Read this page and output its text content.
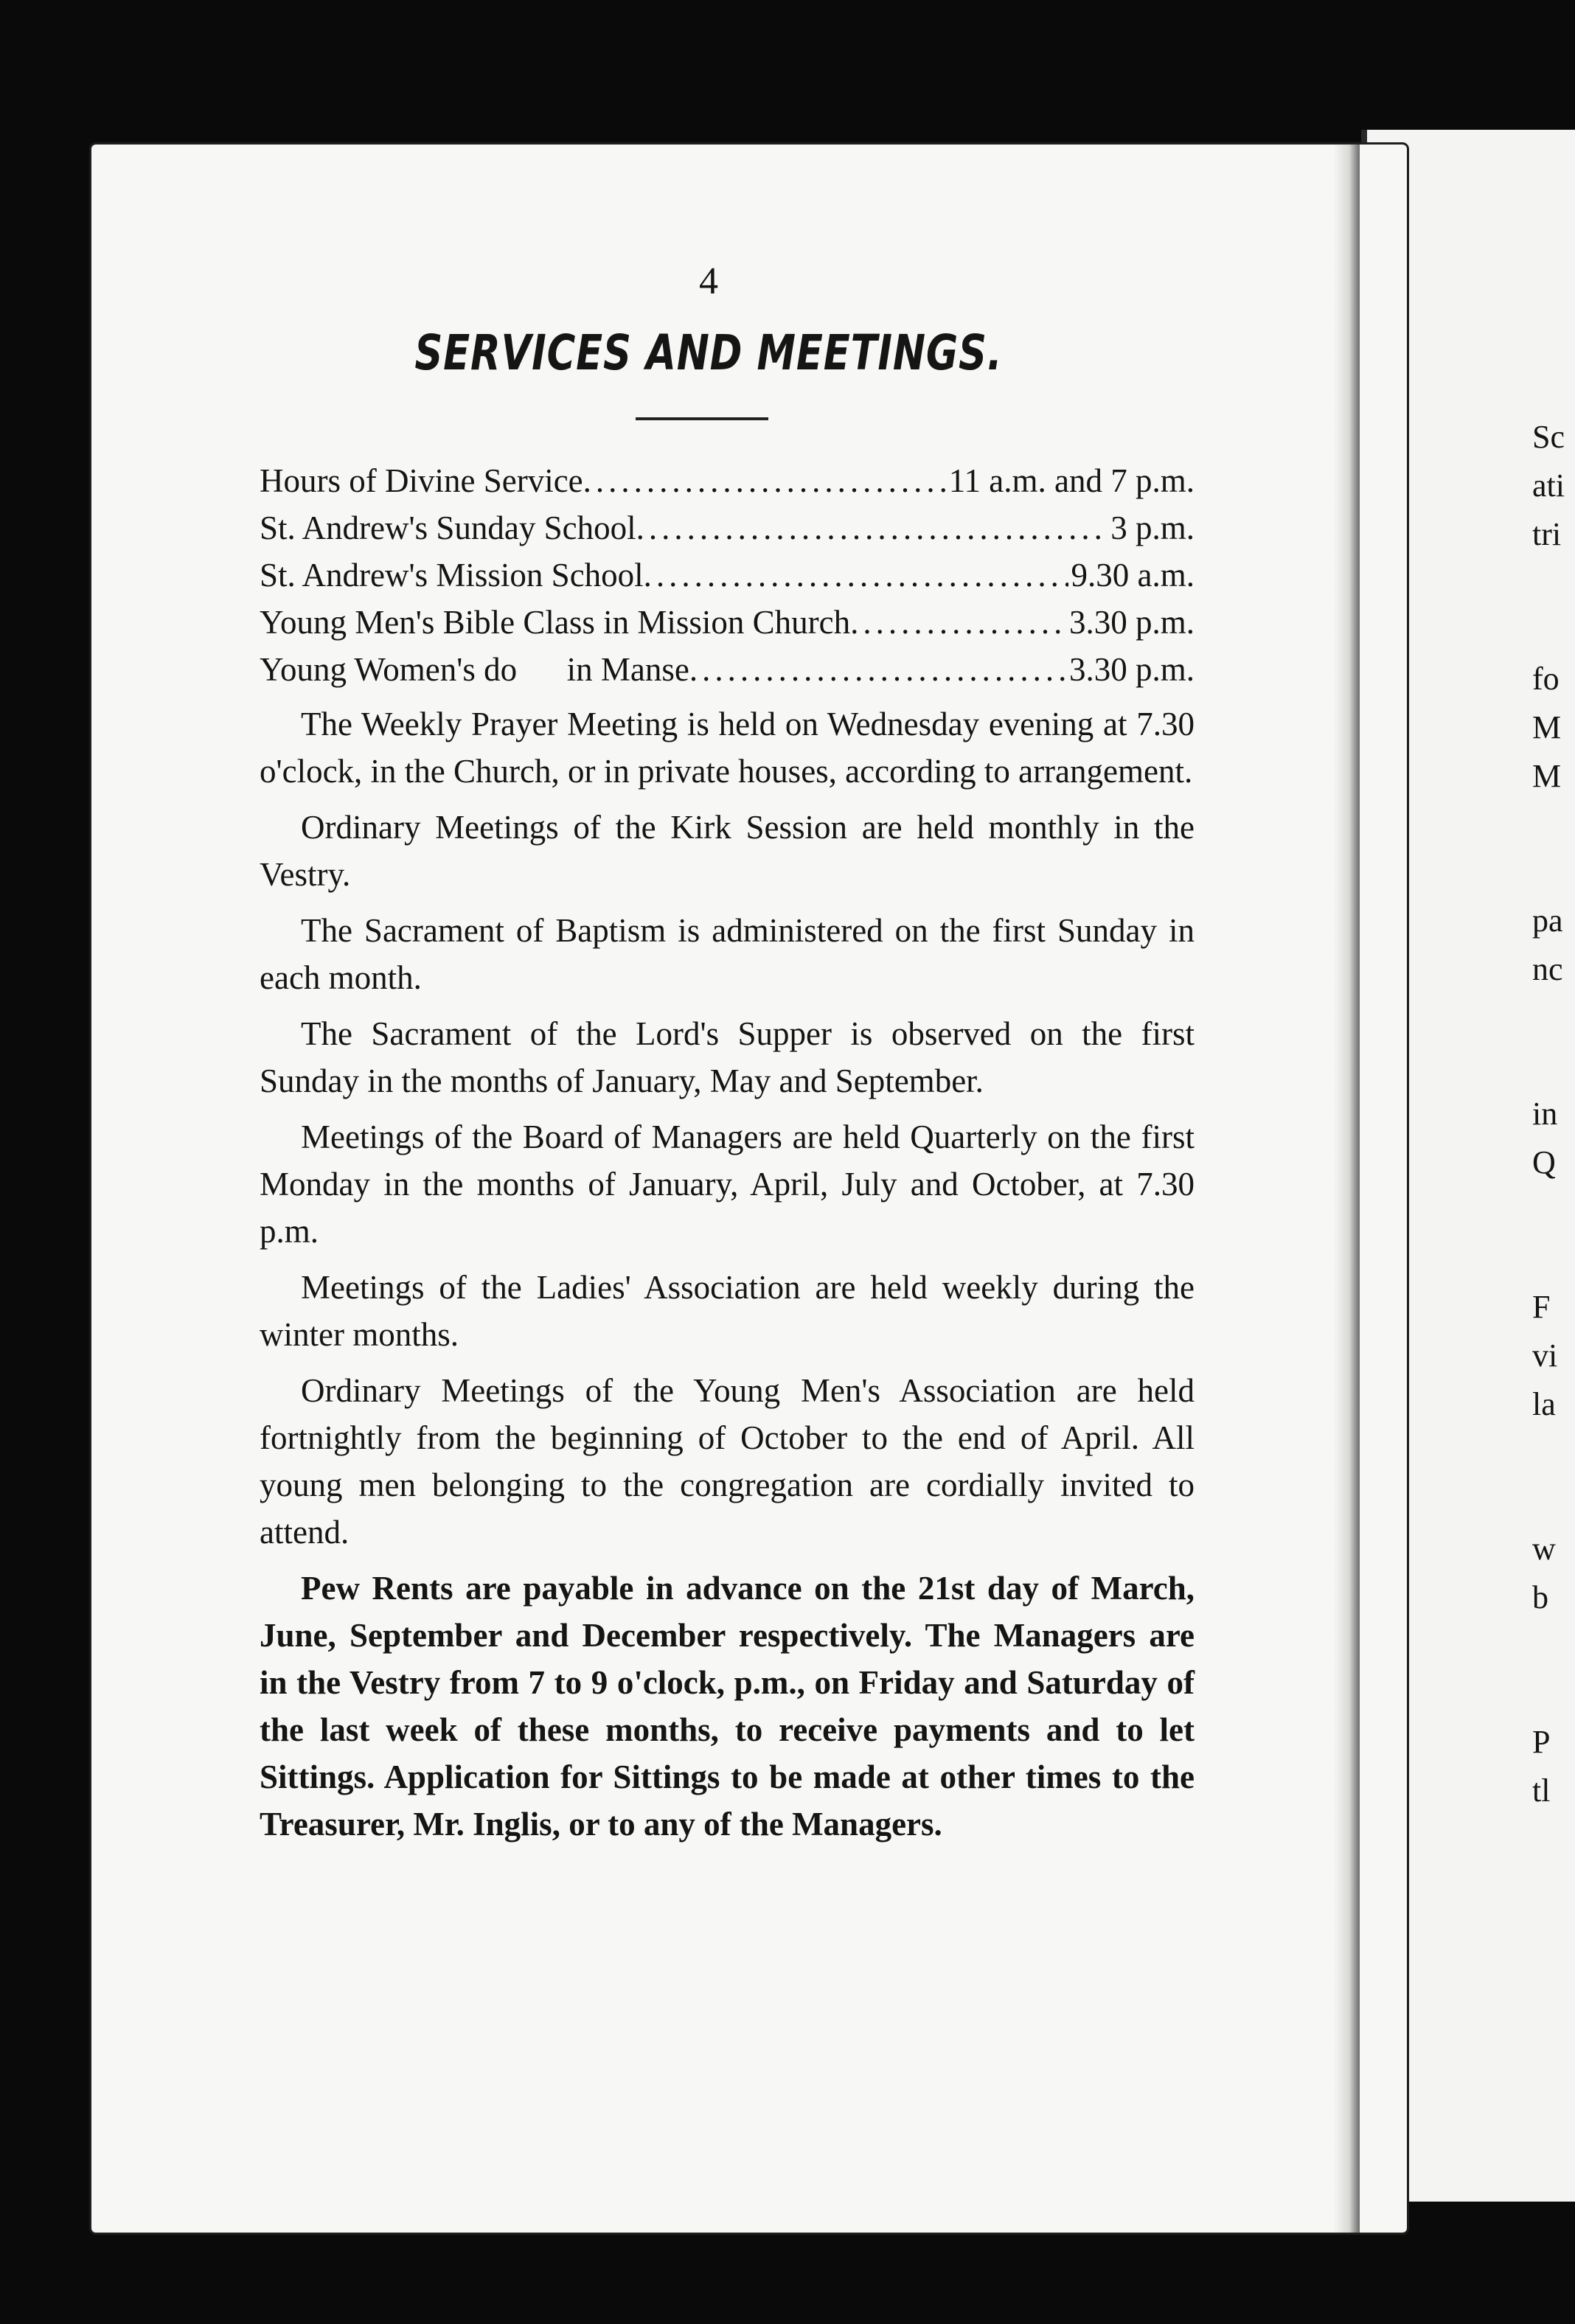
Sc
ati
tri
fo
M
M
pa
nc
in
Q
F
vi
la
w
b
P
tl
4
SERVICES AND MEETINGS.
Hours of Divine Service .....	11 a.m. and 7 p.m.
St. Andrew's Sunday School .....	3 p.m.
St. Andrew's Mission School .....	9.30 a.m.
Young Men's Bible Class in Mission Church .....	3.30 p.m.
Young Women's do      in Manse .....	3.30 p.m.

The Weekly Prayer Meeting is held on Wednesday evening at 7.30 o'clock, in the Church, or in private houses, according to arrangement.

Ordinary Meetings of the Kirk Session are held monthly in the Vestry.

The Sacrament of Baptism is administered on the first Sunday in each month.

The Sacrament of the Lord's Supper is observed on the first Sunday in the months of January, May and September.

Meetings of the Board of Managers are held Quarterly on the first Monday in the months of January, April, July and October, at 7.30 p.m.

Meetings of the Ladies' Association are held weekly during the winter months.

Ordinary Meetings of the Young Men's Association are held fortnightly from the beginning of October to the end of April. All young men belonging to the congregation are cordially invited to attend.

Pew Rents are payable in advance on the 21st day of March, June, September and December respectively. The Managers are in the Vestry from 7 to 9 o'clock, p.m., on Friday and Saturday of the last week of these months, to receive payments and to let Sittings. Application for Sittings to be made at other times to the Treasurer, Mr. Inglis, or to any of the Managers.
